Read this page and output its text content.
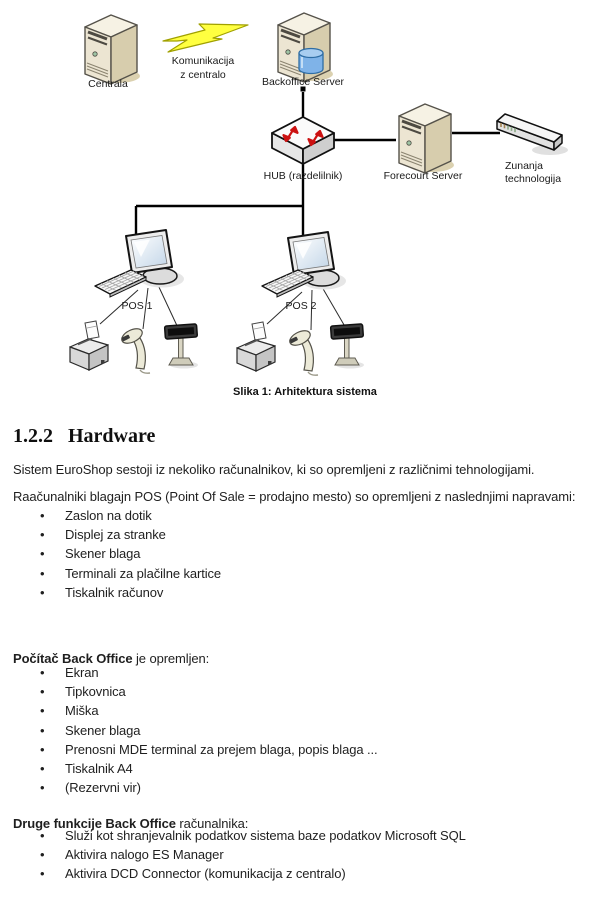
Centrala
Komunikacija
z centralo
Backoffice Server
HUB (razdelilnik)	Forecourt Server
Zunanja
technologija
POS 1	POS 2
Slika 1: Arhitektura sistema
1.2.2 Hardware

Sistem EuroShop sestoji iz nekoliko računalnikov, ki so opremljeni z različnimi tehnologijami.

Raačunalniki blagajn POS (Point Of Sale = prodajno mesto) so opremljeni z naslednjimi napravami:

• Zaslon na dotik
• Displej za stranke
• Skener blaga
• Terminali za plačilne kartice
• Tiskalnik računov

Počítač Back Office je opremljen:

• Ekran
• Tipkovnica
• Miška
• Skener blaga
• Prenosni MDE terminal za prejem blaga, popis blaga ...
• Tiskalnik A4
• (Rezervni vir)

Druge funkcije Back Office računalnika:

• Služi kot shranjevalnik podatkov sistema baze podatkov Microsoft SQL
• Aktivira nalogo ES Manager
• Aktivira DCD Connector (komunikacija z centralo)
